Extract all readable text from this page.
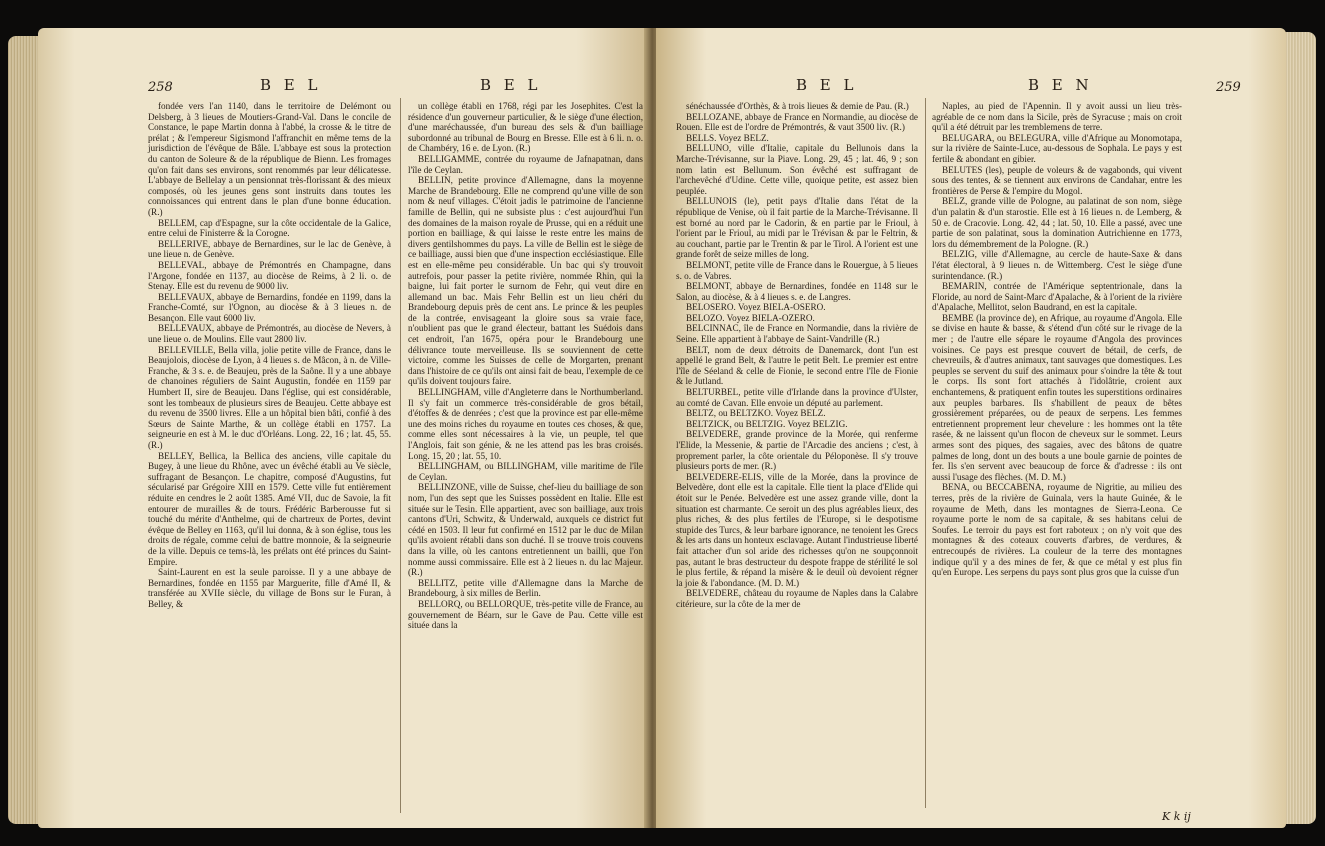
258	B E L	B E L

fondée vers l'an 1140, dans le territoire de Delémont ou Delsberg, à 3 lieues de Moutiers-Grand-Val. Dans le concile de Constance, le pape Martin donna à l'abbé, la crosse & le titre de prélat ; & l'empereur Sigismond l'affranchit en même tems de la jurisdiction de l'évêque de Bâle. L'abbaye est sous la protection du canton de Soleure & de la république de Bienn. Les fromages qu'on fait dans ses environs, sont renommés par leur délicatesse. L'abbaye de Bellelay a un pensionnat très-florissant & des mieux composés, où les jeunes gens sont instruits dans toutes les connoissances qui entrent dans le plan d'une bonne éducation. (R.)

BELLEM, cap d'Espagne, sur la côte occidentale de la Galice, entre celui de Finisterre & la Corogne.

BELLERIVE, abbaye de Bernardines, sur le lac de Genève, à une lieue n. de Genève.

BELLEVAL, abbaye de Prémontrés en Champagne, dans l'Argone, fondée en 1137, au diocèse de Reims, à 2 li. o. de Stenay. Elle est du revenu de 9000 liv.

BELLEVAUX, abbaye de Bernardins, fondée en 1199, dans la Franche-Comté, sur l'Ognon, au diocèse & à 3 lieues n. de Besançon. Elle vaut 6000 liv.

BELLEVAUX, abbaye de Prémontrés, au diocèse de Nevers, à une lieue o. de Moulins. Elle vaut 2800 liv.

BELLEVILLE, Bella villa, jolie petite ville de France, dans le Beaujolois, diocèse de Lyon, à 4 lieues s. de Mâcon, à n. de Ville-Franche, & 3 s. e. de Beaujeu, près de la Saône. Il y a une abbaye de chanoines réguliers de Saint Augustin, fondée en 1159 par Humbert II, sire de Beaujeu. Dans l'église, qui est considérable, sont les tombeaux de plusieurs sires de Beaujeu. Cette abbaye est du revenu de 3500 livres. Elle a un hôpital bien bâti, confié à des Sœurs de Sainte Marthe, & un collège établi en 1757. La seigneurie en est à M. le duc d'Orléans. Long. 22, 16 ; lat. 45, 55. (R.)

BELLEY, Bellica, la Bellica des anciens, ville capitale du Bugey, à une lieue du Rhône, avec un évêché établi au Ve siècle, suffragant de Besançon. Le chapitre, composé d'Augustins, fut sécularisé par Grégoire XIII en 1579. Cette ville fut entièrement réduite en cendres le 2 août 1385. Amé VII, duc de Savoie, la fit entourer de murailles & de tours. Frédéric Barberousse fut si touché du mérite d'Anthelme, qui de chartreux de Portes, devint évêque de Belley en 1163, qu'il lui donna, & à son église, tous les droits de régale, comme celui de battre monnoie, & la seigneurie de la ville. Depuis ce tems-là, les prélats ont été princes du Saint-Empire.

Saint-Laurent en est la seule paroisse. Il y a une abbaye de Bernardines, fondée en 1155 par Marguerite, fille d'Amé II, & transférée au XVIIe siècle, du village de Bons sur le Furan, à Belley, &

un collège établi en 1768, régi par les Josephites. C'est la résidence d'un gouverneur particulier, & le siège d'une élection, d'une maréchaussée, d'un bureau des sels & d'un bailliage subordonné au tribunal de Bourg en Bresse. Elle est à 6 li. n. o. de Chambéry, 16 e. de Lyon. (R.)

BELLIGAMME, contrée du royaume de Jafnapatnan, dans l'île de Ceylan.

BELLIN, petite province d'Allemagne, dans la moyenne Marche de Brandebourg. Elle ne comprend qu'une ville de son nom & neuf villages. C'étoit jadis le patrimoine de l'ancienne famille de Bellin, qui ne subsiste plus : c'est aujourd'hui l'un des domaines de la maison royale de Prusse, qui en a réduit une portion en bailliage, & qui laisse le reste entre les mains de divers gentilshommes du pays. La ville de Bellin est le siège de ce bailliage, aussi bien que d'une inspection ecclésiastique. Elle est en elle-même peu considérable. Un bac qui s'y trouvoit autrefois, pour passer la petite rivière, nommée Rhin, qui la baigne, lui fait porter le surnom de Fehr, qui veut dire en allemand un bac. Mais Fehr Bellin est un lieu chéri du Brandebourg depuis près de cent ans. Le prince & les peuples de la contrée, envisageant la gloire sous sa vraie face, n'oublient pas que le grand électeur, battant les Suédois dans cet endroit, l'an 1675, opéra pour le Brandebourg une délivrance toute merveilleuse. Ils se souviennent de cette victoire, comme les Suisses de celle de Morgarten, prenant dans l'histoire de ce qu'ils ont ainsi fait de beau, l'exemple de ce qu'ils doivent toujours faire.

BELLINGHAM, ville d'Angleterre dans le Northumberland. Il s'y fait un commerce très-considérable de gros bétail, d'étoffes & de denrées ; c'est que la province est par elle-même une des moins riches du royaume en toutes ces choses, & que, comme elles sont nécessaires à la vie, un peuple, tel que l'Anglois, fait son génie, & ne les attend pas les bras croisés. Long. 15, 20 ; lat. 55, 10.

BELLINGHAM, ou BILLINGHAM, ville maritime de l'île de Ceylan.

BELLINZONE, ville de Suisse, chef-lieu du bailliage de son nom, l'un des sept que les Suisses possèdent en Italie. Elle est située sur le Tesin. Elle appartient, avec son bailliage, aux trois cantons d'Uri, Schwitz, & Underwald, auxquels ce district fut cédé en 1503. Il leur fut confirmé en 1512 par le duc de Milan qu'ils avoient rétabli dans son duché. Il se trouve trois couvens dans la ville, où les cantons entretiennent un bailli, que l'on nomme aussi commissaire. Elle est à 2 lieues n. du lac Majeur. (R.)

BELLITZ, petite ville d'Allemagne dans la Marche de Brandebourg, à six milles de Berlin.

BELLORQ, ou BELLORQUE, très-petite ville de France, au gouvernement de Béarn, sur le Gave de Pau. Cette ville est située dans la

B E L	B E N	259

sénéchaussée d'Orthès, & à trois lieues & demie de Pau. (R.)

BELLOZANE, abbaye de France en Normandie, au diocèse de Rouen. Elle est de l'ordre de Prémontrés, & vaut 3500 liv. (R.)

BELLS. Voyez BELZ.

BELLUNO, ville d'Italie, capitale du Bellunois dans la Marche-Trévisanne, sur la Piave. Long. 29, 45 ; lat. 46, 9 ; son nom latin est Bellunum. Son évêché est suffragant de l'archevêché d'Udine. Cette ville, quoique petite, est assez bien peuplée.

BELLUNOIS (le), petit pays d'Italie dans l'état de la république de Venise, où il fait partie de la Marche-Trévisanne. Il est borné au nord par le Cadorin, & en partie par le Frioul, à l'orient par le Frioul, au midi par le Trévisan & par le Feltrin, & au couchant, partie par le Trentin & par le Tirol. A l'orient est une grande forêt de seize milles de long.

BELMONT, petite ville de France dans le Rouergue, à 5 lieues s. o. de Vabres.

BELMONT, abbaye de Bernardines, fondée en 1148 sur le Salon, au diocèse, & à 4 lieues s. e. de Langres.

BELOSERO. Voyez BIELA-OSERO.

BELOZO. Voyez BIELA-OZERO.

BELCINNAC, île de France en Normandie, dans la rivière de Seine. Elle appartient à l'abbaye de Saint-Vandrille (R.)

BELT, nom de deux détroits de Danemarck, dont l'un est appellé le grand Belt, & l'autre le petit Belt. Le premier est entre l'île de Séeland & celle de Fionie, le second entre l'île de Fionie & le Jutland.

BELTURBEL, petite ville d'Irlande dans la province d'Ulster, au comté de Cavan. Elle envoie un député au parlement.

BELTZ, ou BELTZKO. Voyez BELZ.

BELTZICK, ou BELTZIG. Voyez BELZIG.

BELVEDERE, grande province de la Morée, qui renferme l'Elide, la Messenie, & partie de l'Arcadie des anciens ; c'est, à proprement parler, la côte orientale du Péloponèse. Il s'y trouve plusieurs ports de mer. (R.)

BELVEDERE-ELIS, ville de la Morée, dans la province de Belvedère, dont elle est la capitale. Elle tient la place d'Elide qui étoit sur le Penée. Belvedère est une assez grande ville, dont la situation est charmante. Ce seroit un des plus agréables lieux, des plus riches, & des plus fertiles de l'Europe, si le despotisme stupide des Turcs, & leur barbare ignorance, ne tenoient les Grecs & les arts dans un honteux esclavage. Autant l'industrieuse liberté fait attacher d'un sol aride des richesses qu'on ne soupçonnoit pas, autant le bras destructeur du despote frappe de stérilité le sol le plus fertile, & répand la misère & le deuil où devoient régner la joie & l'abondance. (M. D. M.)

BELVEDERE, château du royaume de Naples dans la Calabre citérieure, sur la côte de la mer de

Naples, au pied de l'Apennin. Il y avoit aussi un lieu très-agréable de ce nom dans la Sicile, près de Syracuse ; mais on croit qu'il a été détruit par les tremblemens de terre.

BELUGARA, ou BELEGURA, ville d'Afrique au Monomotapa, sur la rivière de Sainte-Luce, au-dessous de Sophala. Le pays y est fertile & abondant en gibier.

BELUTES (les), peuple de voleurs & de vagabonds, qui vivent sous des tentes, & se tiennent aux environs de Candahar, entre les frontières de Perse & l'empire du Mogol.

BELZ, grande ville de Pologne, au palatinat de son nom, siège d'un palatin & d'un starostie. Elle est à 16 lieues n. de Lemberg, & 50 e. de Cracovie. Long. 42, 44 ; lat. 50, 10. Elle a passé, avec une partie de son palatinat, sous la domination Autrichienne en 1773, lors du démembrement de la Pologne. (R.)

BELZIG, ville d'Allemagne, au cercle de haute-Saxe & dans l'état électoral, à 9 lieues n. de Wittemberg. C'est le siège d'une surintendance. (R.)

BEMARIN, contrée de l'Amérique septentrionale, dans la Floride, au nord de Saint-Marc d'Apalache, & à l'orient de la rivière d'Apalache, Mellitot, selon Baudrand, en est la capitale.

BEMBE (la province de), en Afrique, au royaume d'Angola. Elle se divise en haute & basse, & s'étend d'un côté sur le rivage de la mer ; de l'autre elle sépare le royaume d'Angola des provinces voisines. Ce pays est presque couvert de bétail, de cerfs, de chevreuils, & d'autres animaux, tant sauvages que domestiques. Les peuples se servent du suif des animaux pour s'oindre la tête & tout le corps. Ils sont fort attachés à l'idolâtrie, croient aux enchantemens, & pratiquent enfin toutes les superstitions ordinaires aux peuples barbares. Ils s'habillent de peaux de bêtes grossièrement préparées, ou de peaux de serpens. Les femmes entretiennent proprement leur chevelure : les hommes ont la tête rasée, & ne laissent qu'un flocon de cheveux sur le sommet. Leurs armes sont des piques, des sagaies, avec des bâtons de quatre palmes de long, dont un des bouts a une boule garnie de pointes de fer. Ils s'en servent avec beaucoup de force & d'adresse : ils ont aussi l'usage des flèches. (M. D. M.)

BENA, ou BECCABENA, royaume de Nigritie, au milieu des terres, près de la rivière de Guinala, vers la haute Guinée, & le royaume de Meth, dans les montagnes de Sierra-Leona. Ce royaume porte le nom de sa capitale, & ses habitans celui de Soufes. Le terroir du pays est fort raboteux ; on n'y voit que des montagnes & des coteaux couverts d'arbres, de verdures, & entrecoupés de rivières. La couleur de la terre des montagnes indique qu'il y a des mines de fer, & que ce métal y est plus fin qu'en Europe. Les serpens du pays sont plus gros que la cuisse d'un

K k ij
